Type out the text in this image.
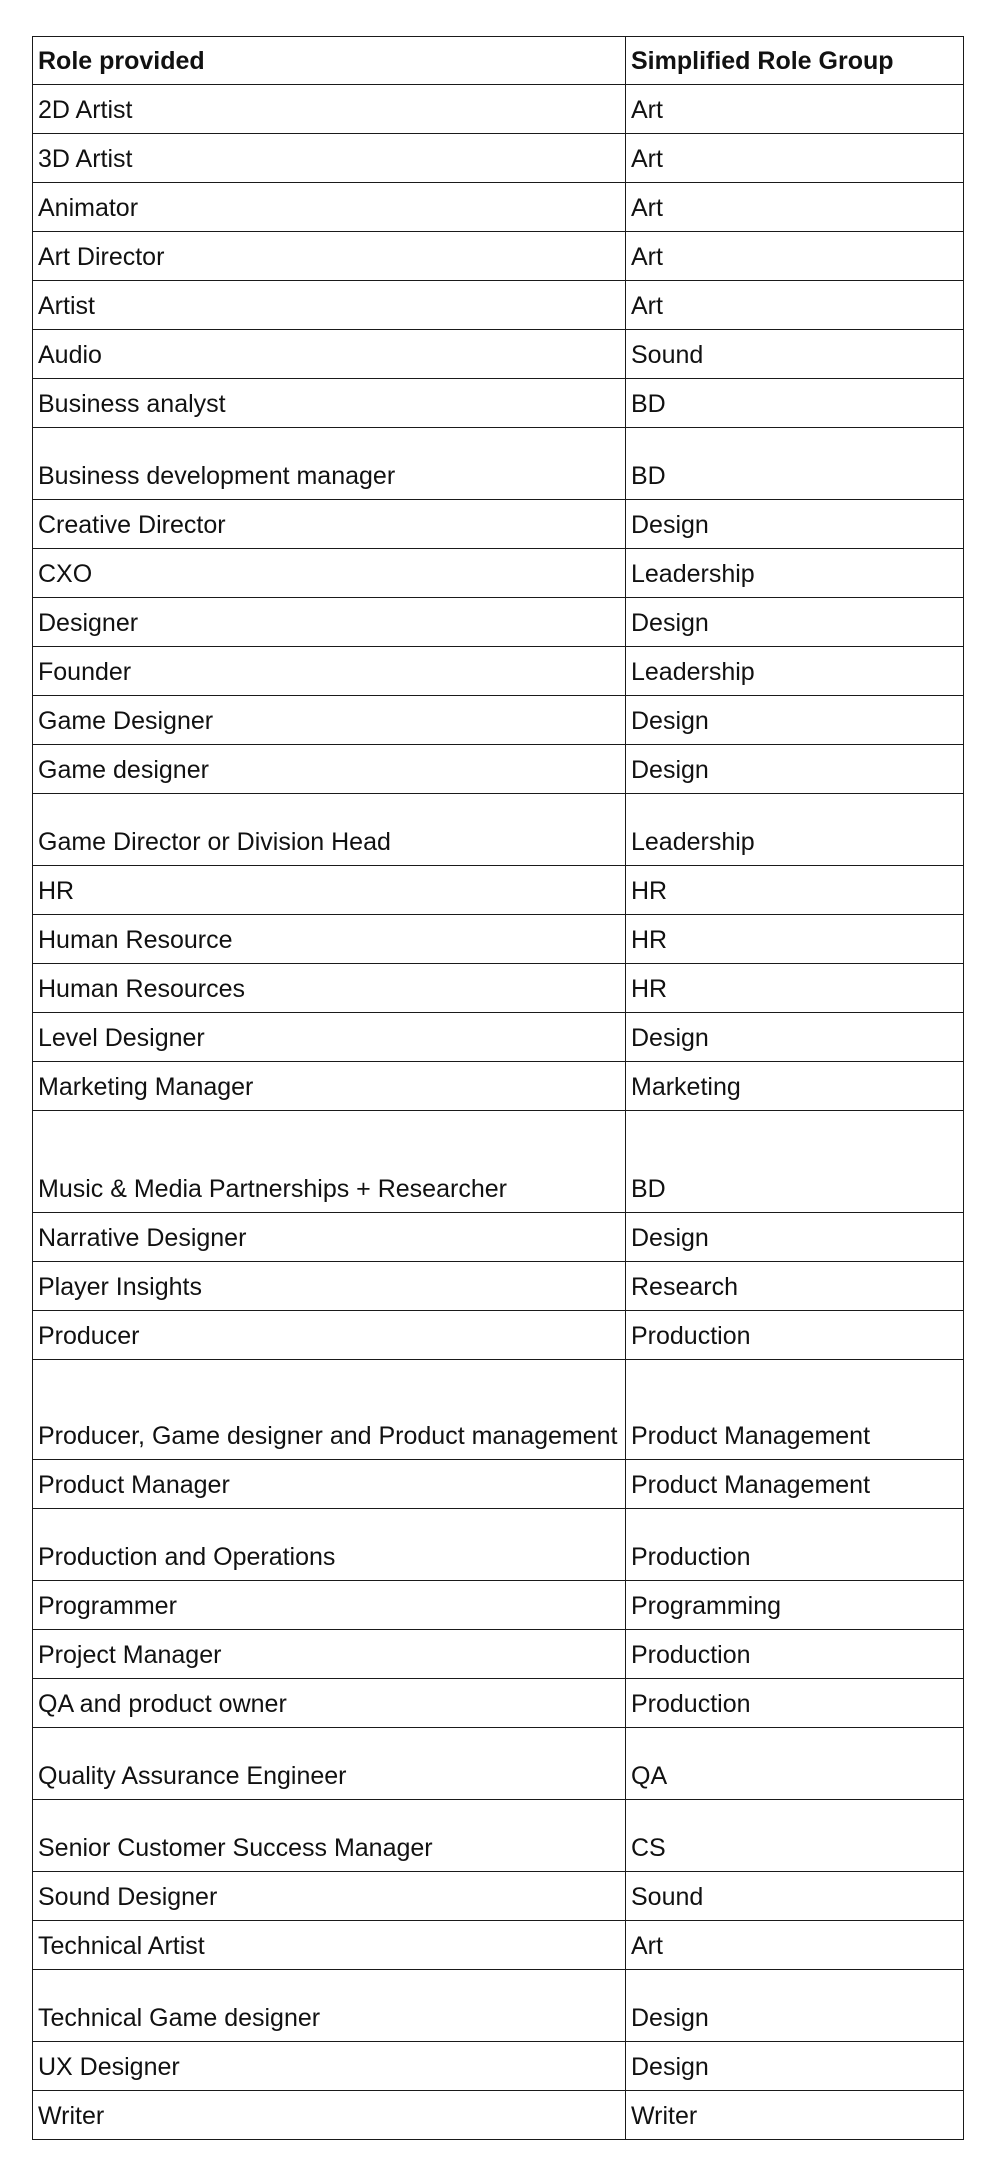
Role provided	Simplified Role Group
2D Artist	Art
3D Artist	Art
Animator	Art
Art Director	Art
Artist	Art
Audio	Sound
Business analyst	BD
Business development manager	BD
Creative Director	Design
CXO	Leadership
Designer	Design
Founder	Leadership
Game Designer	Design
Game designer	Design
Game Director or Division Head	Leadership
HR	HR
Human Resource	HR
Human Resources	HR
Level Designer	Design
Marketing Manager	Marketing
Music & Media Partnerships + Researcher	BD
Narrative Designer	Design
Player Insights	Research
Producer	Production
Producer, Game designer and Product management	Product Management
Product Manager	Product Management
Production and Operations	Production
Programmer	Programming
Project Manager	Production
QA and product owner	Production
Quality Assurance Engineer	QA
Senior Customer Success Manager	CS
Sound Designer	Sound
Technical Artist	Art
Technical Game designer	Design
UX Designer	Design
Writer	Writer
